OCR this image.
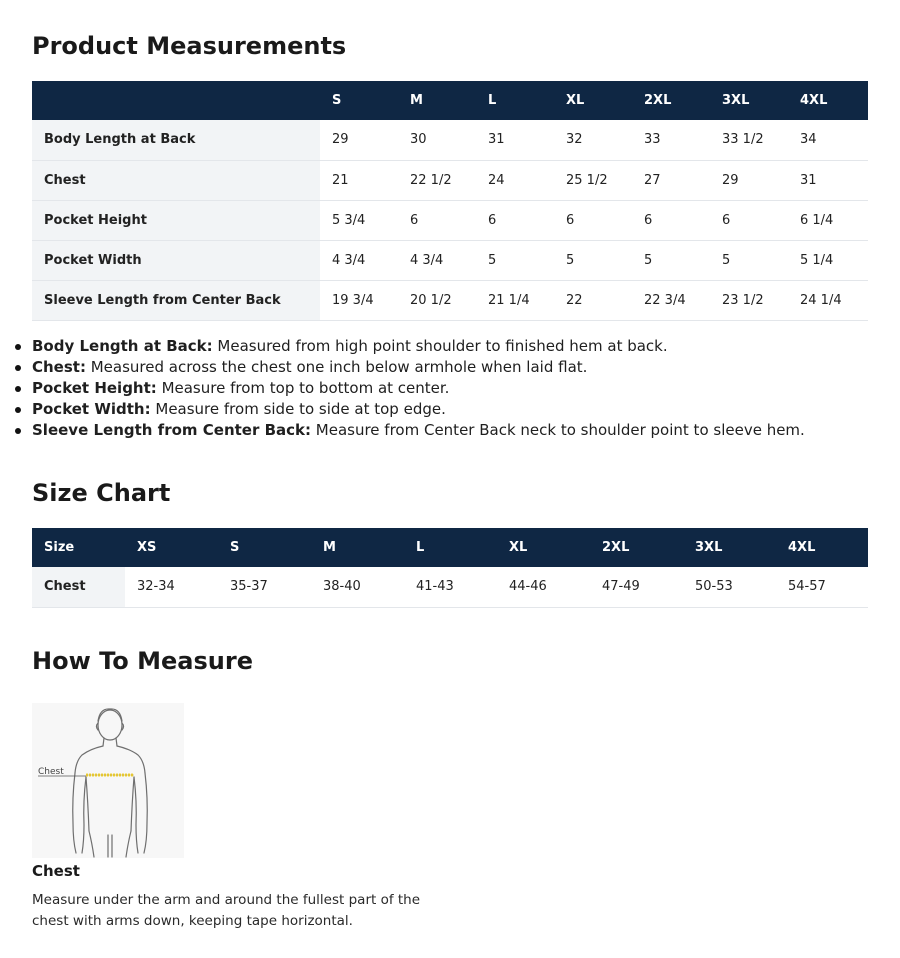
Product Measurements
	S	M	L	XL	2XL	3XL	4XL
Body Length at Back	29	30	31	32	33	33 1/2	34
Chest	21	22 1/2	24	25 1/2	27	29	31
Pocket Height	5 3/4	6	6	6	6	6	6 1/4
Pocket Width	4 3/4	4 3/4	5	5	5	5	5 1/4
Sleeve Length from Center Back	19 3/4	20 1/2	21 1/4	22	22 3/4	23 1/2	24 1/4
Body Length at Back: Measured from high point shoulder to finished hem at back.
Chest: Measured across the chest one inch below armhole when laid flat.
Pocket Height: Measure from top to bottom at center.
Pocket Width: Measure from side to side at top edge.
Sleeve Length from Center Back: Measure from Center Back neck to shoulder point to sleeve hem.
Size Chart
Size	XS	S	M	L	XL	2XL	3XL	4XL
Chest	32-34	35-37	38-40	41-43	44-46	47-49	50-53	54-57
How To Measure
Chest
Chest

Measure under the arm and around the fullest part of the chest with arms down, keeping tape horizontal.
